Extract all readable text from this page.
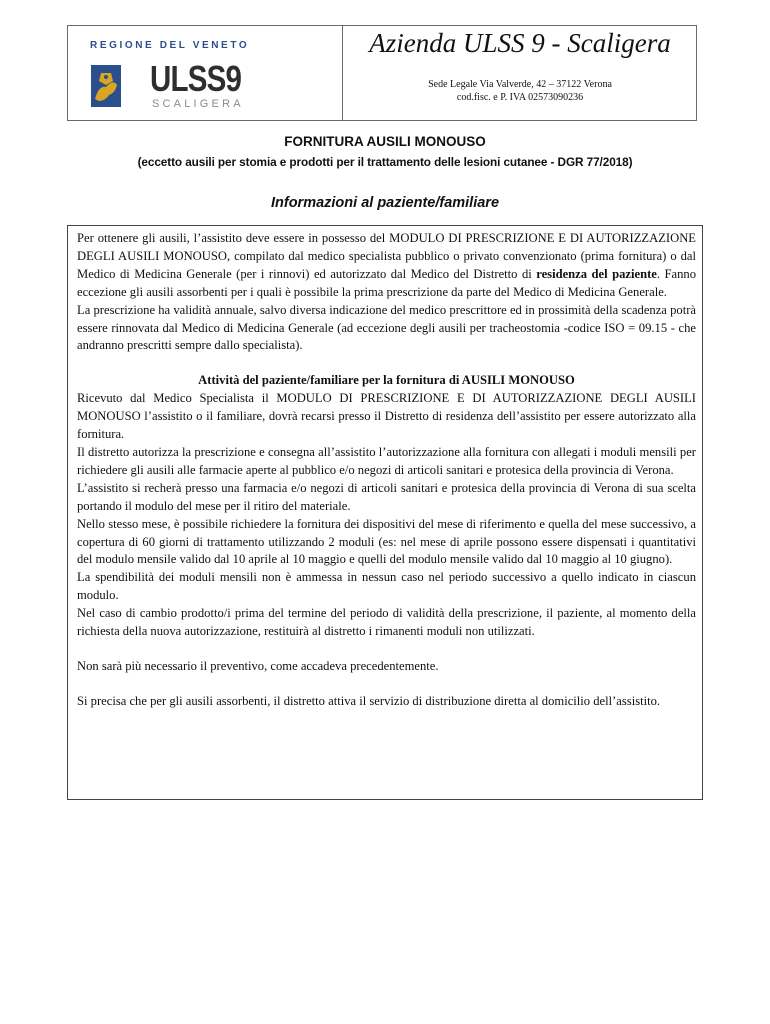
REGIONE DEL VENETO
ULSS9
SCALIGERA
Azienda ULSS 9 - Scaligera
Sede Legale Via Valverde, 42 – 37122 Verona
cod.fisc. e P. IVA 02573090236
FORNITURA AUSILI MONOUSO
(eccetto ausili per stomia e prodotti per il trattamento delle lesioni cutanee - DGR 77/2018)
Informazioni al paziente/familiare

Per ottenere gli ausili, l’assistito deve essere in possesso del MODULO DI PRESCRIZIONE E DI AUTORIZZAZIONE DEGLI AUSILI MONOUSO, compilato dal medico specialista pubblico o privato convenzionato (prima fornitura) o dal Medico di Medicina Generale (per i rinnovi) ed autorizzato dal Medico del Distretto di residenza del paziente. Fanno eccezione gli ausili assorbenti per i quali è possibile la prima prescrizione da parte del Medico di Medicina Generale.

La prescrizione ha validità annuale, salvo diversa indicazione del medico prescrittore ed in prossimità della scadenza potrà essere rinnovata dal Medico di Medicina Generale (ad eccezione degli ausili per tracheostomia -codice ISO = 09.15 - che andranno prescritti sempre dallo specialista).

Attività del paziente/familiare per la fornitura di AUSILI MONOUSO

Ricevuto dal Medico Specialista il MODULO DI PRESCRIZIONE E DI AUTORIZZAZIONE DEGLI AUSILI MONOUSO l’assistito o il familiare, dovrà recarsi presso il Distretto di residenza dell’assistito per essere autorizzato alla fornitura.

Il distretto autorizza la prescrizione e consegna all’assistito l’autorizzazione alla fornitura con allegati i moduli mensili per richiedere gli ausili alle farmacie aperte al pubblico e/o negozi di articoli sanitari e protesica della provincia di Verona.

L’assistito si recherà presso una farmacia e/o negozi di articoli sanitari e protesica della provincia di Verona di sua scelta portando il modulo del mese per il ritiro del materiale.

Nello stesso mese, è possibile richiedere la fornitura dei dispositivi del mese di riferimento e quella del mese successivo, a copertura di 60 giorni di trattamento utilizzando 2 moduli (es: nel mese di aprile possono essere dispensati i quantitativi del modulo mensile valido dal 10 aprile al 10 maggio e quelli del modulo mensile valido dal 10 maggio al 10 giugno).

La spendibilità dei moduli mensili non è ammessa in nessun caso nel periodo successivo a quello indicato in ciascun modulo.

Nel caso di cambio prodotto/i prima del termine del periodo di validità della prescrizione, il paziente, al momento della richiesta della nuova autorizzazione, restituirà al distretto i rimanenti moduli non utilizzati.

Non sarà più necessario il preventivo, come accadeva precedentemente.

Si precisa che per gli ausili assorbenti, il distretto attiva il servizio di distribuzione diretta al domicilio dell’assistito.
